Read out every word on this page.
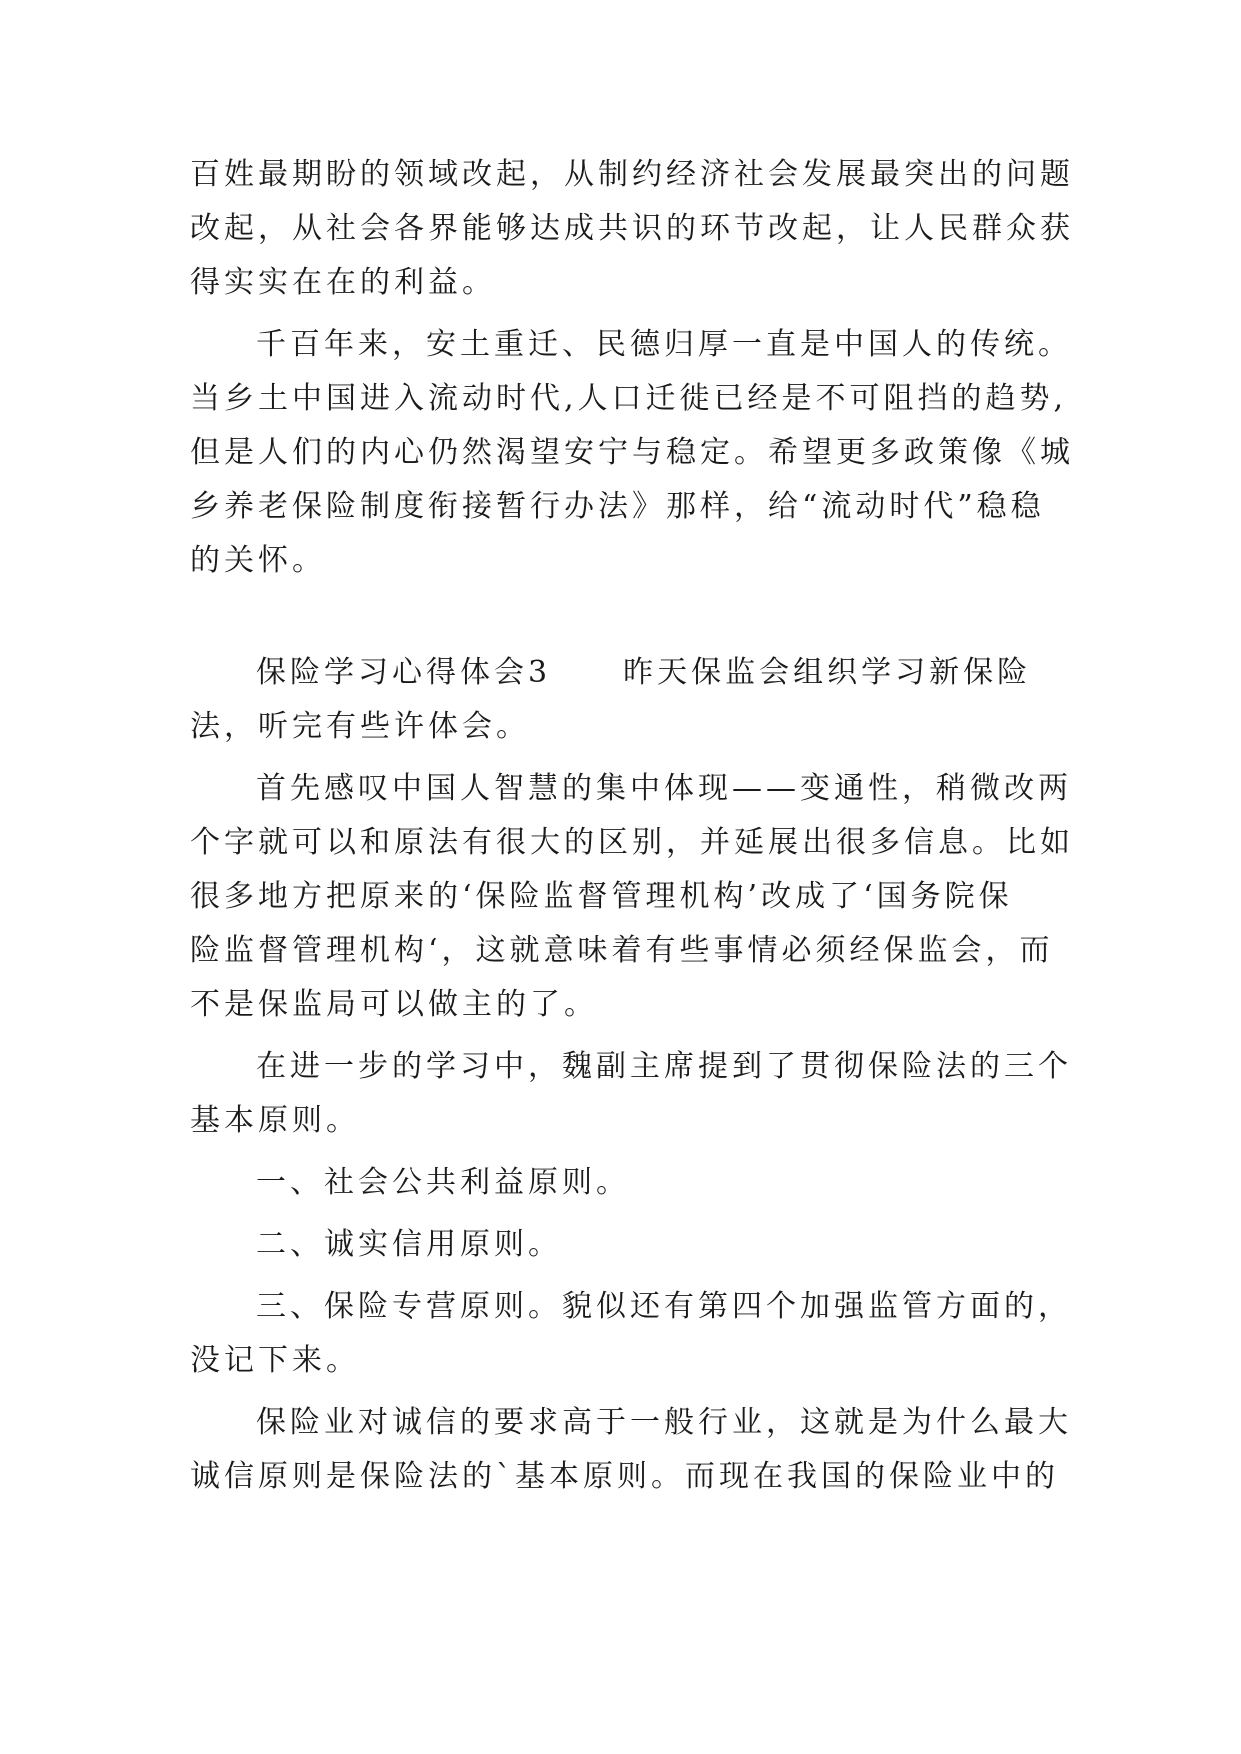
百姓最期盼的领域改起，从制约经济社会发展最突出的问题
改起，从社会各界能够达成共识的环节改起，让人民群众获
得实实在在的利益。
千百年来，安土重迁、民德归厚一直是中国人的传统。
当乡土中国进入流动时代,人口迁徙已经是不可阻挡的趋势,
但是人们的内心仍然渴望安宁与稳定。希望更多政策像《城
乡养老保险制度衔接暂行办法》那样，给“流动时代”稳稳
的关怀。
保险学习心得体会3 昨天保监会组织学习新保险
法，听完有些许体会。
首先感叹中国人智慧的集中体现——变通性，稍微改两
个字就可以和原法有很大的区别，并延展出很多信息。比如
很多地方把原来的‘保险监督管理机构’改成了‘国务院保
险监督管理机构‘，这就意味着有些事情必须经保监会，而
不是保监局可以做主的了。
在进一步的学习中，魏副主席提到了贯彻保险法的三个
基本原则。
一、社会公共利益原则。
二、诚实信用原则。
三、保险专营原则。貌似还有第四个加强监管方面的，
没记下来。
保险业对诚信的要求高于一般行业，这就是为什么最大
诚信原则是保险法的`基本原则。而现在我国的保险业中的
